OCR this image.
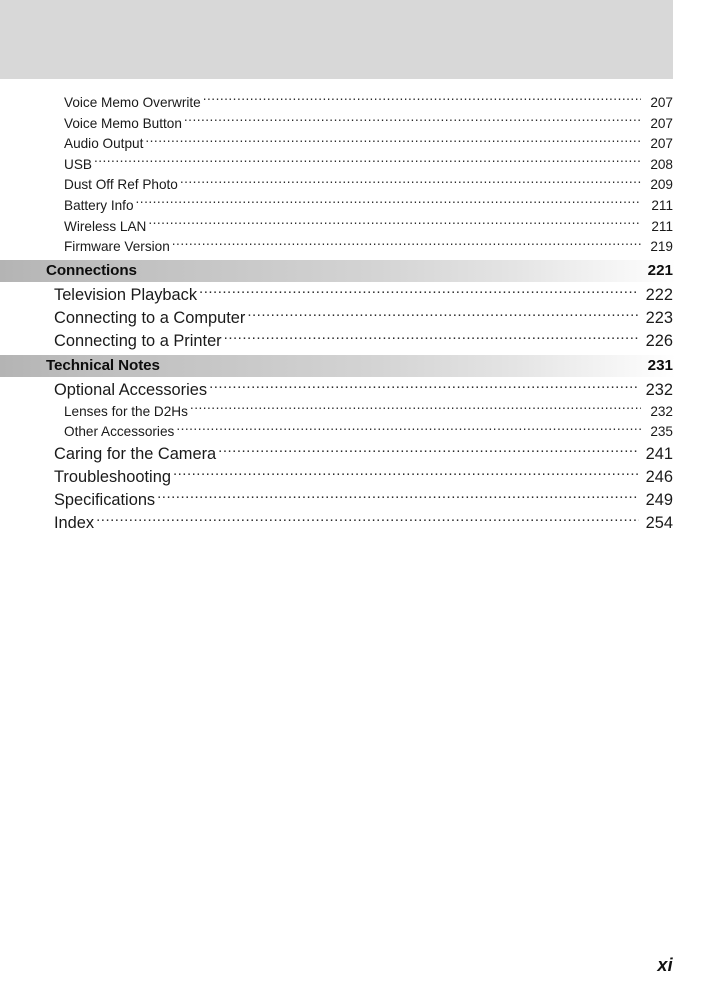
Voice Memo Overwrite .....	207
Voice Memo Button .....	207
Audio Output .....	207
USB .....	208
Dust Off Ref Photo .....	209
Battery Info .....	211
Wireless LAN .....	211
Firmware Version .....	219
Connections	221
Television Playback .....	222
Connecting to a Computer .....	223
Connecting to a Printer .....	226
Technical Notes	231
Optional Accessories .....	232
Lenses for the D2Hs .....	232
Other Accessories .....	235
Caring for the Camera .....	241
Troubleshooting .....	246
Specifications .....	249
Index .....	254
xi
